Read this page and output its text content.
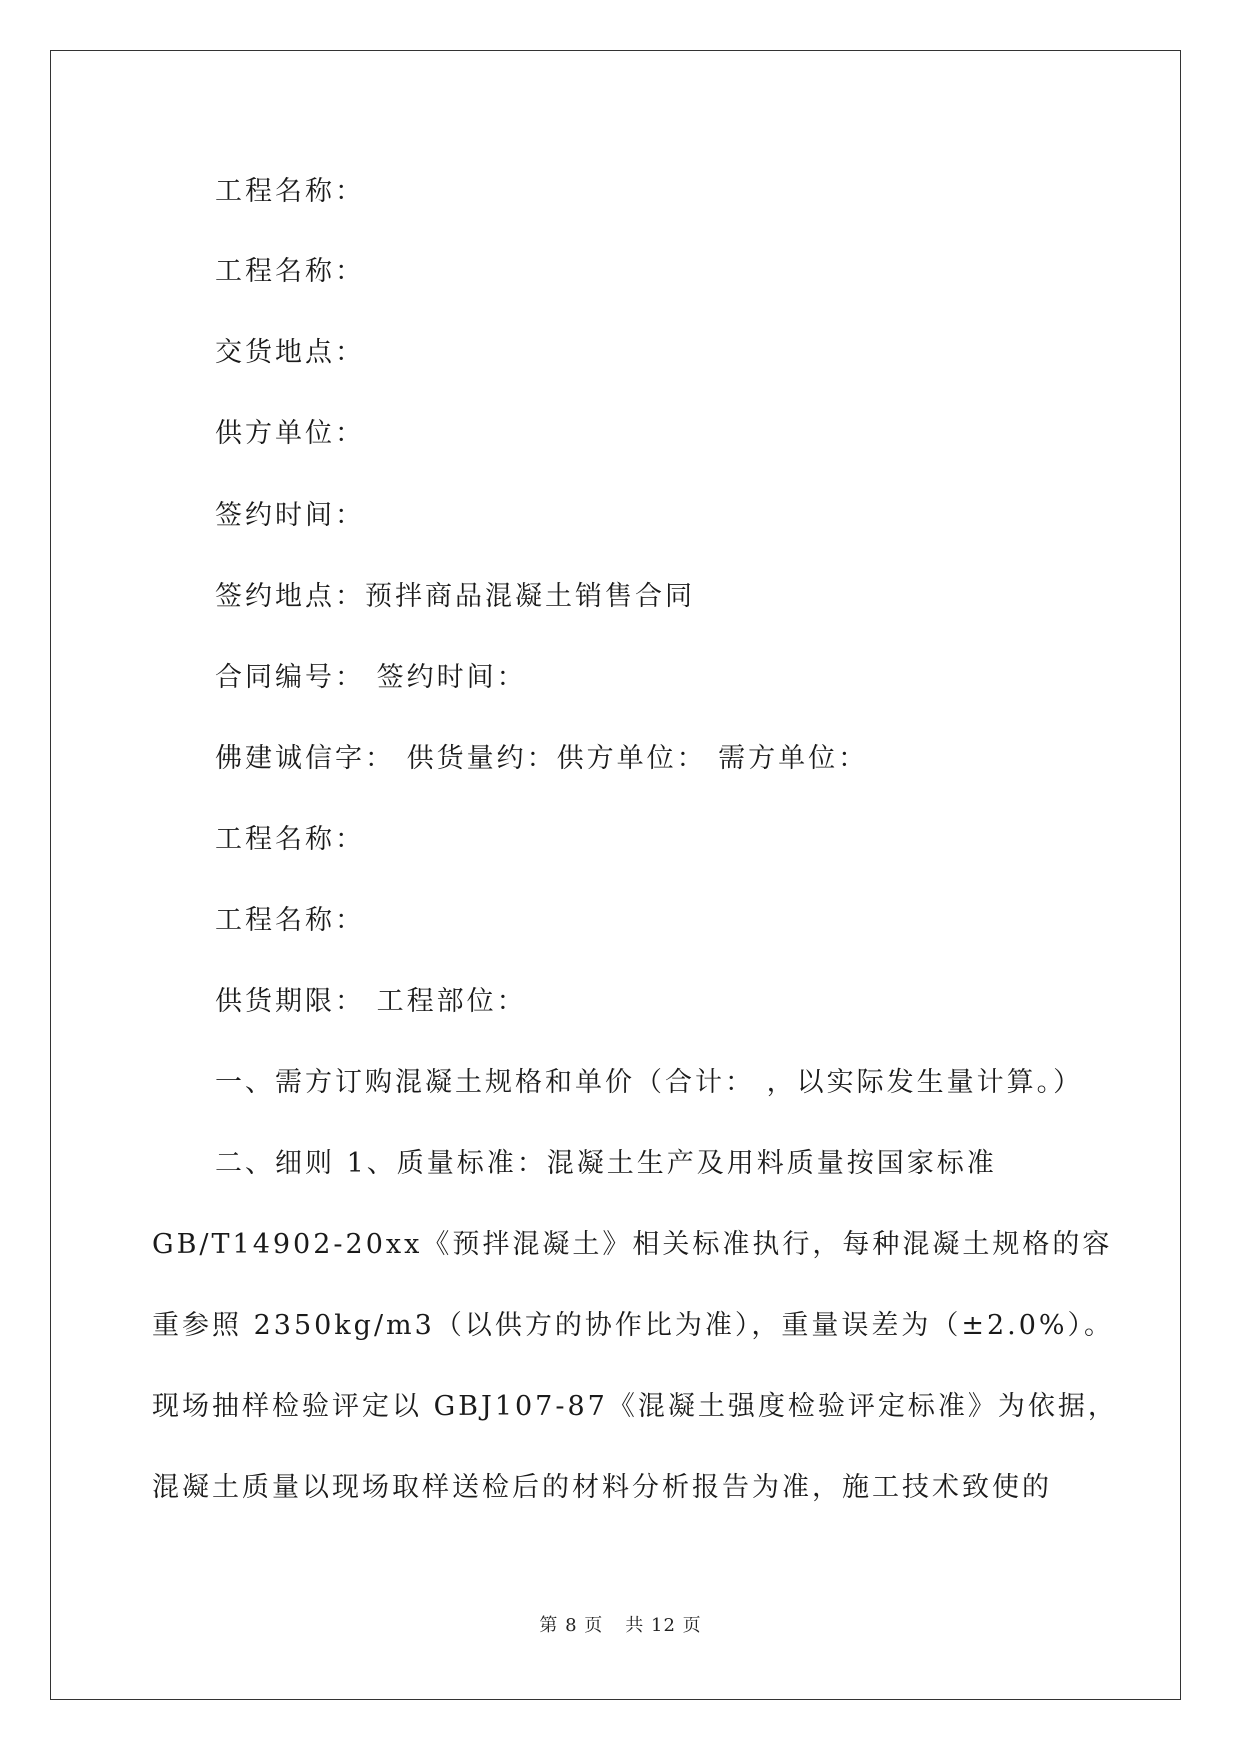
工程名称：

工程名称：

交货地点：

供方单位：

签约时间：

签约地点：预拌商品混凝土销售合同

合同编号： 签约时间：

佛建诚信字： 供货量约：供方单位： 需方单位：

工程名称：

工程名称：

供货期限： 工程部位：

一、需方订购混凝土规格和单价（合计： ，以实际发生量计算。）

二、细则 1、质量标准：混凝土生产及用料质量按国家标准

GB/T14902-20xx《预拌混凝土》相关标准执行，每种混凝土规格的容

重参照 2350kg/m3（以供方的协作比为准），重量误差为（±2.0%）。

现场抽样检验评定以 GBJ107-87《混凝土强度检验评定标准》为依据，

混凝土质量以现场取样送检后的材料分析报告为准，施工技术致使的

第 8 页 共 12 页
